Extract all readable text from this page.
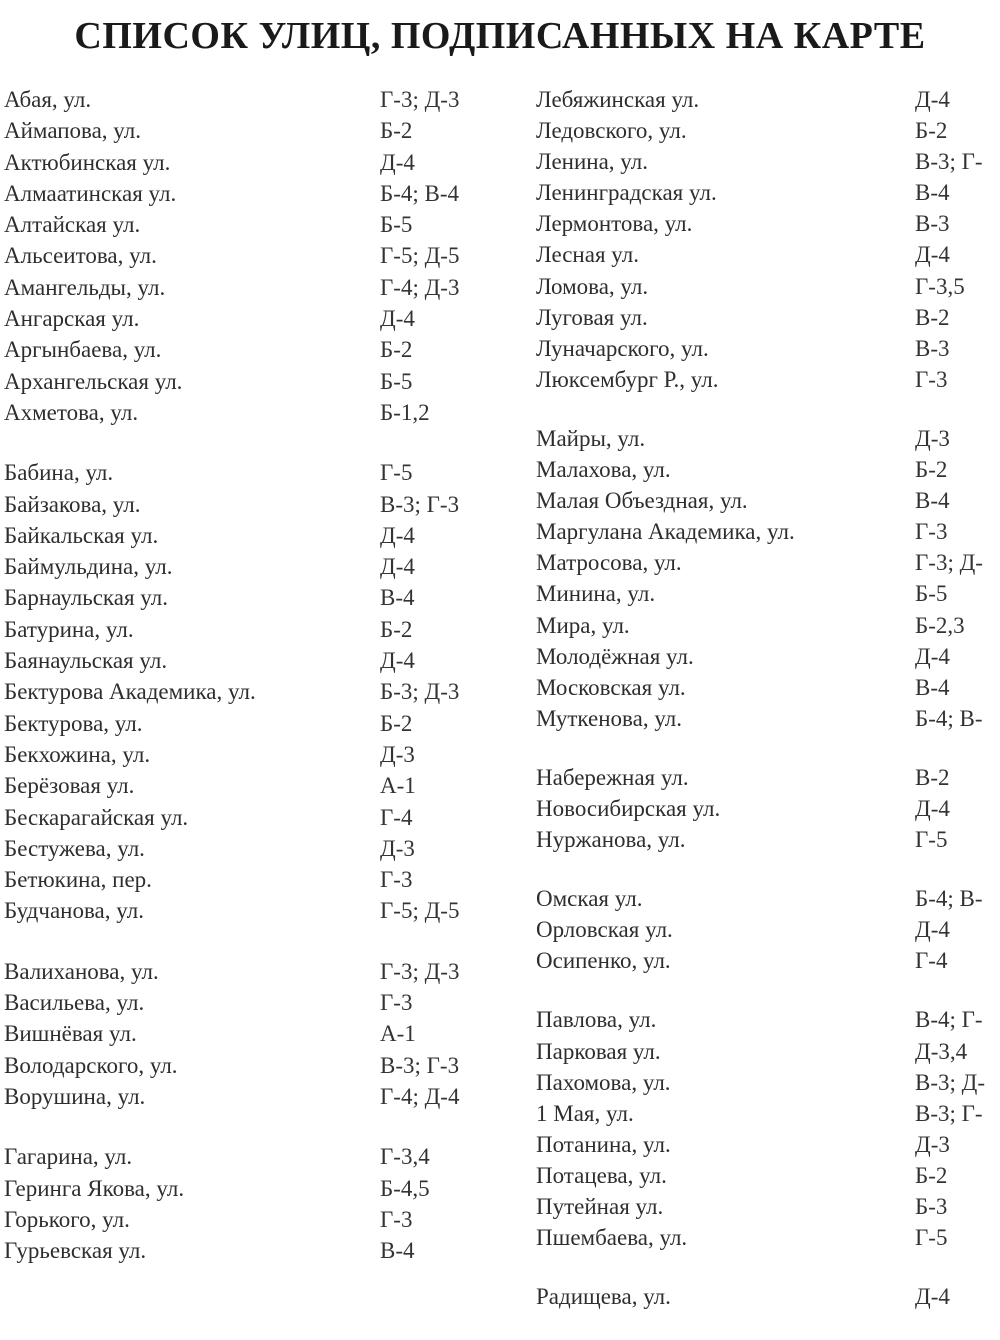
СПИСОК УЛИЦ, ПОДПИСАННЫХ НА КАРТЕ
Абая, ул.	Г-3; Д-3
Аймапова, ул.	Б-2
Актюбинская ул.	Д-4
Алмаатинская ул.	Б-4; В-4
Алтайская ул.	Б-5
Альсеитова, ул.	Г-5; Д-5
Амангельды, ул.	Г-4; Д-3
Ангарская ул.	Д-4
Аргынбаева, ул.	Б-2
Архангельская ул.	Б-5
Ахметова, ул.	Б-1,2
Бабина, ул.	Г-5
Байзакова, ул.	В-3; Г-3
Байкальская ул.	Д-4
Баймульдина, ул.	Д-4
Барнаульская ул.	В-4
Батурина, ул.	Б-2
Баянаульская ул.	Д-4
Бектурова Академика, ул.	Б-3; Д-3
Бектурова, ул.	Б-2
Бекхожина, ул.	Д-3
Берёзовая ул.	А-1
Бескарагайская ул.	Г-4
Бестужева, ул.	Д-3
Бетюкина, пер.	Г-3
Будчанова, ул.	Г-5; Д-5
Валиханова, ул.	Г-3; Д-3
Васильева, ул.	Г-3
Вишнёвая ул.	А-1
Володарского, ул.	В-3; Г-3
Ворушина, ул.	Г-4; Д-4
Гагарина, ул.	Г-3,4
Геринга Якова, ул.	Б-4,5
Горького, ул.	Г-3
Гурьевская ул.	В-4
Лебяжинская ул.	Д-4
Ледовского, ул.	Б-2
Ленина, ул.	В-3; Г-
Ленинградская ул.	В-4
Лермонтова, ул.	В-3
Лесная ул.	Д-4
Ломова, ул.	Г-3,5
Луговая ул.	В-2
Луначарского, ул.	В-3
Люксембург Р., ул.	Г-3
Майры, ул.	Д-3
Малахова, ул.	Б-2
Малая Объездная, ул.	В-4
Маргулана Академика, ул.	Г-3
Матросова, ул.	Г-3; Д-
Минина, ул.	Б-5
Мира, ул.	Б-2,3
Молодёжная ул.	Д-4
Московская ул.	В-4
Муткенова, ул.	Б-4; В-
Набережная ул.	В-2
Новосибирская ул.	Д-4
Нуржанова, ул.	Г-5
Омская ул.	Б-4; В-
Орловская ул.	Д-4
Осипенко, ул.	Г-4
Павлова, ул.	В-4; Г-
Парковая ул.	Д-3,4
Пахомова, ул.	В-3; Д-
1 Мая, ул.	В-3; Г-
Потанина, ул.	Д-3
Потацева, ул.	Б-2
Путейная ул.	Б-3
Пшембаева, ул.	Г-5
Радищева, ул.	Д-4
